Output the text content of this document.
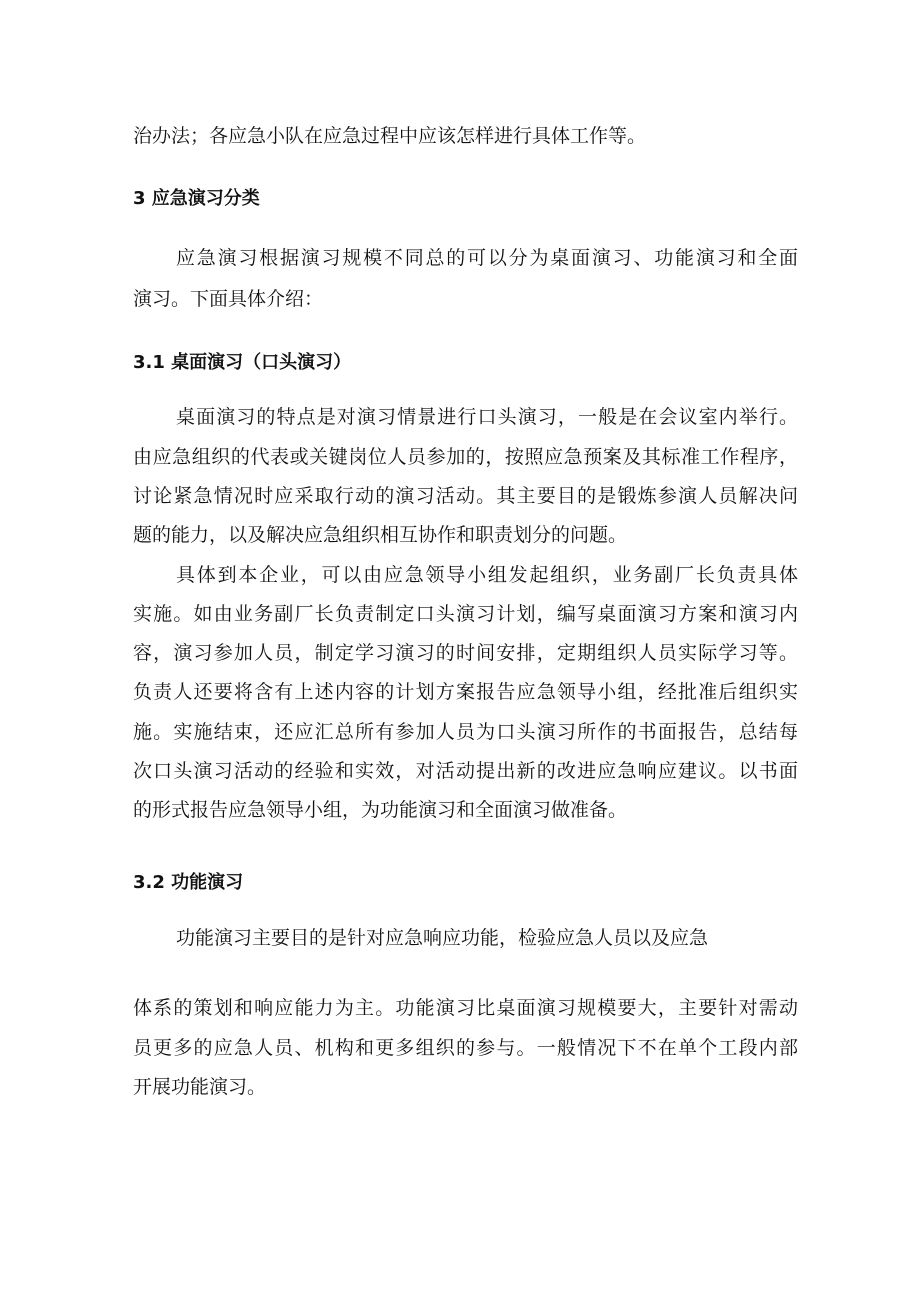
治办法；各应急小队在应急过程中应该怎样进行具体工作等。
3 应急演习分类
应急演习根据演习规模不同总的可以分为桌面演习、功能演习和全面
演习。下面具体介绍：
3.1 桌面演习（口头演习）
桌面演习的特点是对演习情景进行口头演习，一般是在会议室内举行。
由应急组织的代表或关键岗位人员参加的，按照应急预案及其标准工作程序，
讨论紧急情况时应采取行动的演习活动。其主要目的是锻炼参演人员解决问
题的能力，以及解决应急组织相互协作和职责划分的问题。
具体到本企业，可以由应急领导小组发起组织，业务副厂长负责具体
实施。如由业务副厂长负责制定口头演习计划，编写桌面演习方案和演习内
容，演习参加人员，制定学习演习的时间安排，定期组织人员实际学习等。
负责人还要将含有上述内容的计划方案报告应急领导小组，经批准后组织实
施。实施结束，还应汇总所有参加人员为口头演习所作的书面报告，总结每
次口头演习活动的经验和实效，对活动提出新的改进应急响应建议。以书面
的形式报告应急领导小组，为功能演习和全面演习做准备。
3.2 功能演习
功能演习主要目的是针对应急响应功能，检验应急人员以及应急
体系的策划和响应能力为主。功能演习比桌面演习规模要大，主要针对需动
员更多的应急人员、机构和更多组织的参与。一般情况下不在单个工段内部
开展功能演习。
